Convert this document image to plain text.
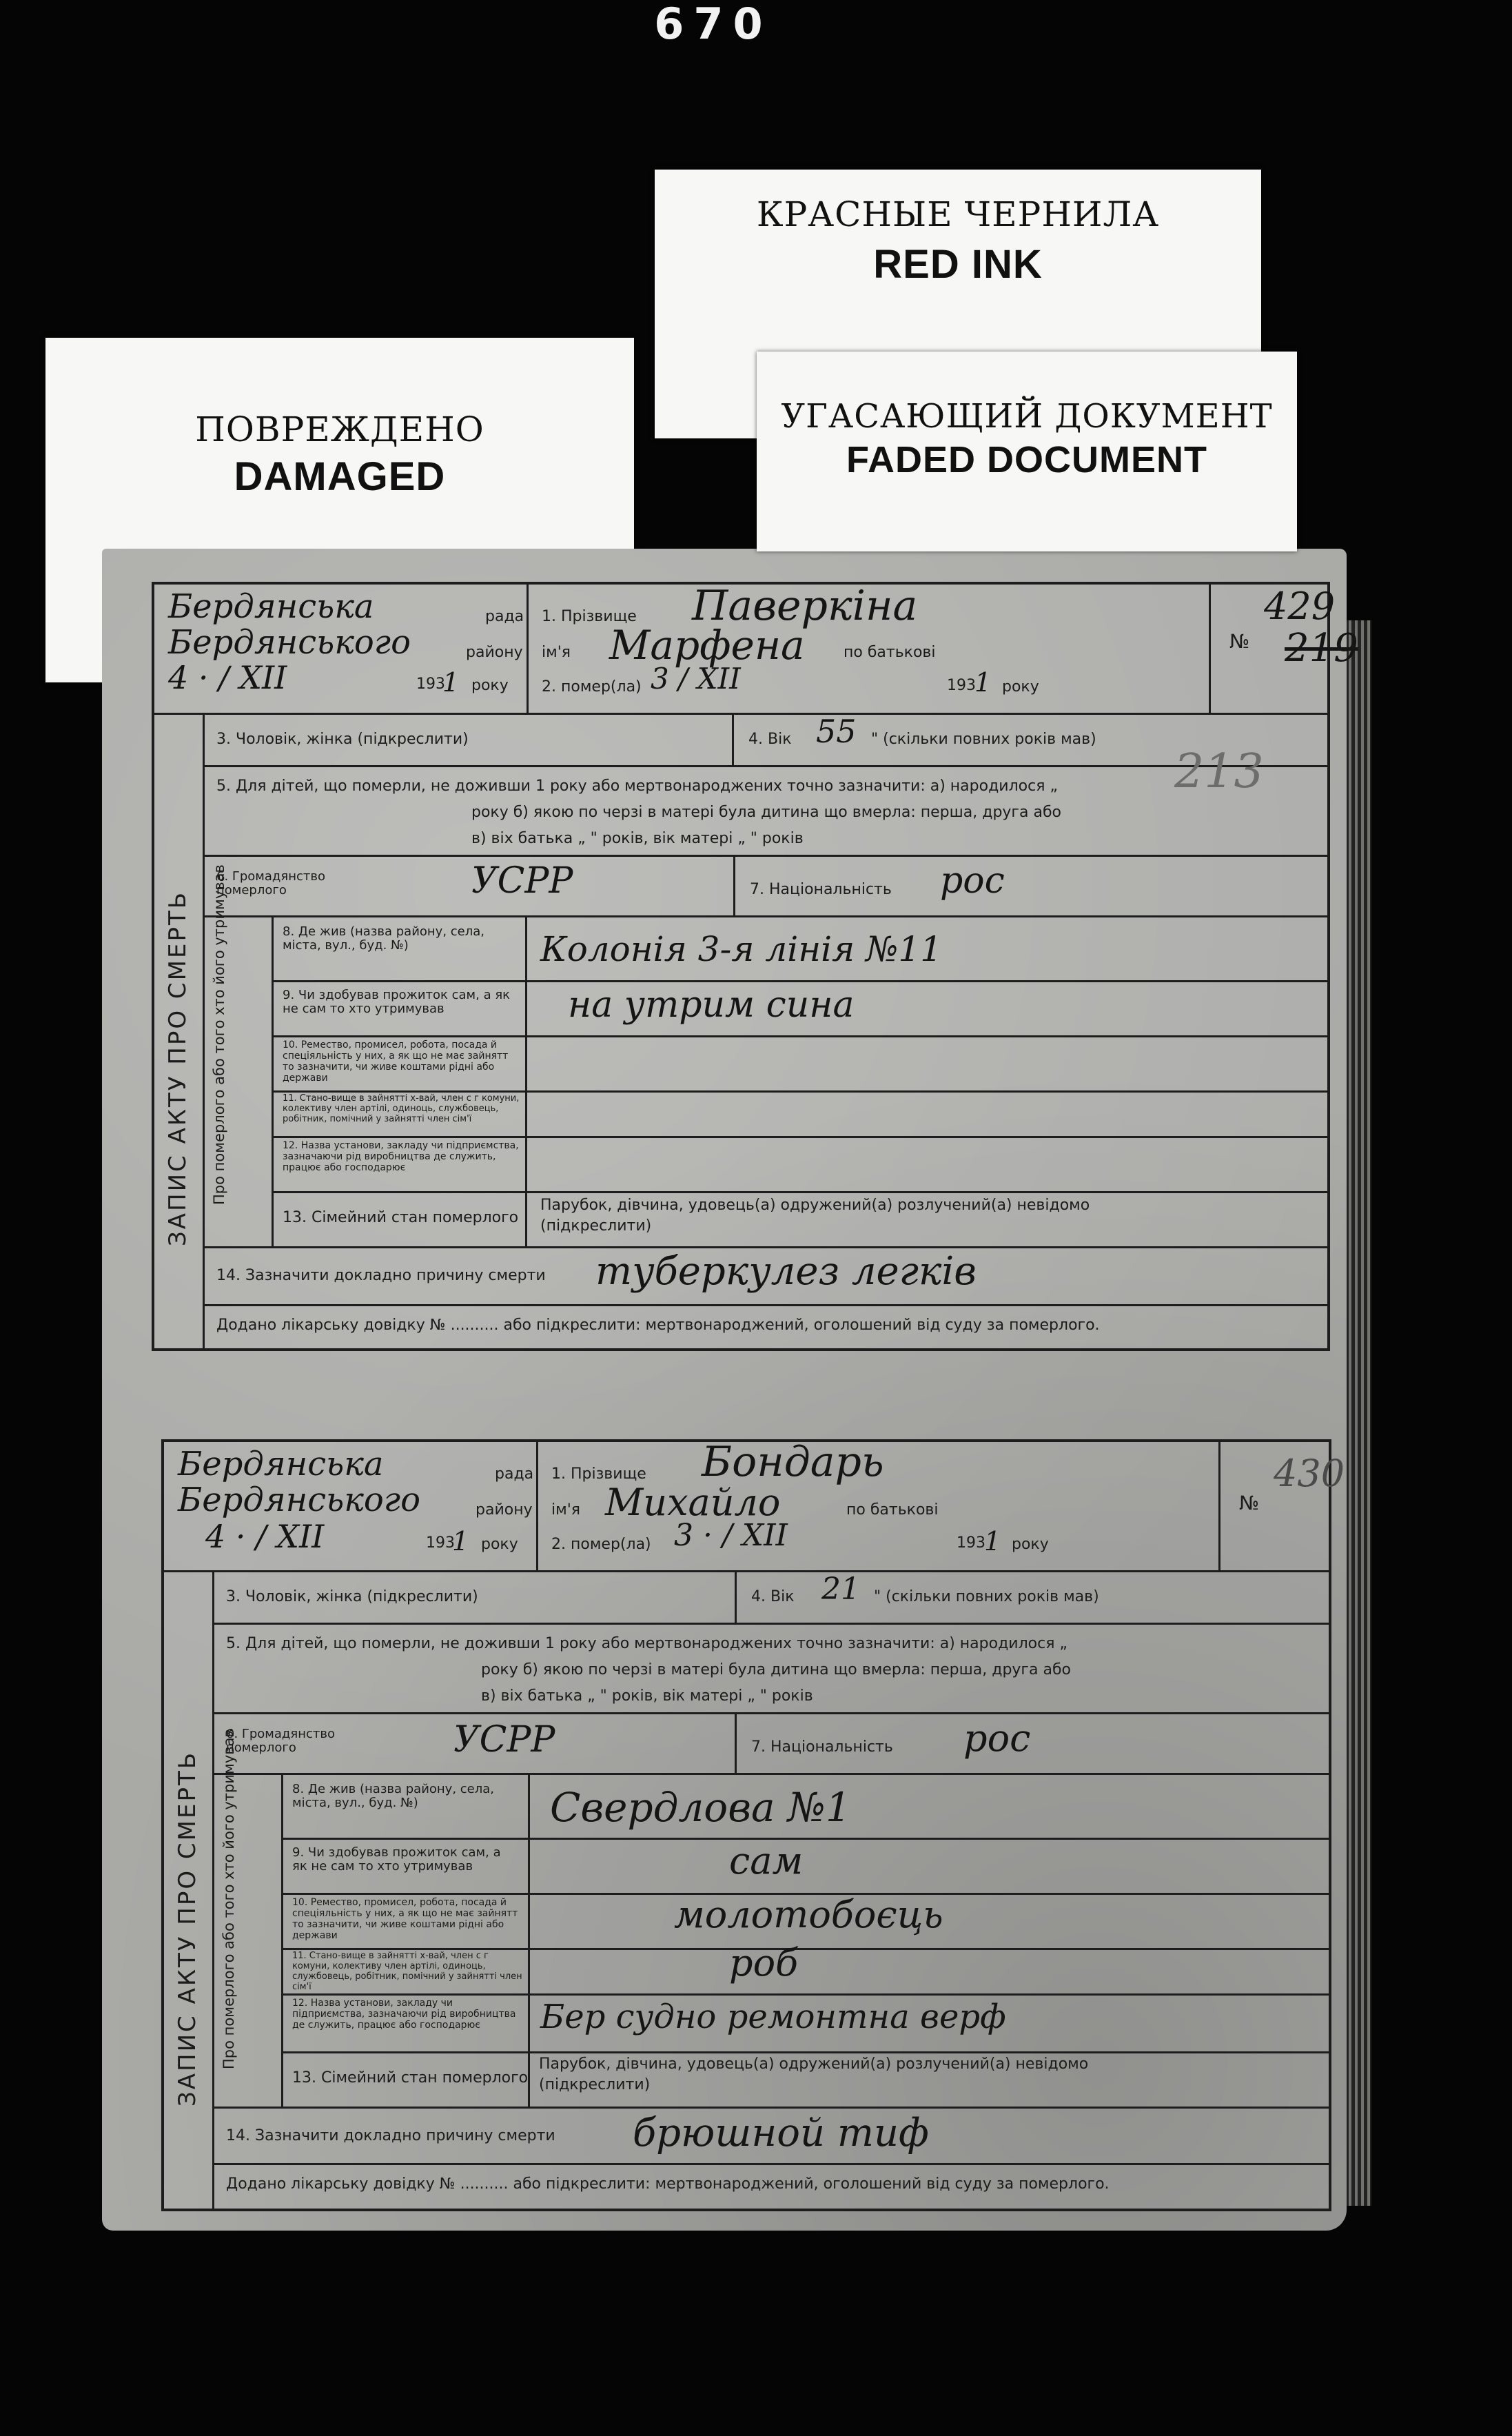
670
КРАСНЫЕ ЧЕРНИЛА
RED INK
ПОВРЕЖДЕНО
DAMAGED
Бердянська	рада
Бердянського	району
4 · / XII	193
1 року
1. Прізвище Паверкіна
ім'я Марфена	по батькові
2. помер(ла) 3 / XII	193
1 року
№
429
219
3. Чоловік, жінка (підкреслити)	4. Вік 55 " (скільки повних років мав)
5. Для дітей, що померли, не доживши 1 року або мертвонароджених точно зазначити: а) народилося „
року б) якою по черзі в матері була дитина що вмерла: перша, друга або
в) віх батька „ " років, вік матері „ " років
213
6. Громадянство померлого	УСРР	7. Національність рос
8. Де жив (назва району, села, міста, вул., буд. №)	Колонія 3-я лінія №11
9. Чи здобував прожиток сам, а як не сам то хто утримував	на утрим сина
10. Ремество, промисел, робота, посада й спеціяльність у них, а як що не має зайнятт то зазначити, чи живе коштами рідні або держави
11. Стано-вище в зайнятті х-вай, член с г комуни, колективу член артілі, одиноць, службовець, робітник, помічний у зайнятті член сім'ї
12. Назва установи, закладу чи підприємства, зазначаючи рід виробництва де служить, працює або господарює
13. Сімейний стан померлого
Парубок, дівчина, удовець(а) одружений(а) розлучений(а) невідомо (підкреслити)
14. Зазначити докладно причину смерти туберкулез легкiв
Додано лікарську довідку № .......... або підкреслити: мертвонароджений, оголошений від суду за померлого.
ЗАПИС АКТУ ПРО СМЕРТЬ Про померлого або того хто його утримував
Бердянська	рада
Бердянського	району
4 · / XII	193
1 року
1. Прізвище Бондарь
ім'я Михайло	по батькові
2. помер(ла) 3 · / XII	193
1 року
№
430
3. Чоловік, жінка (підкреслити)	4. Вік 21 " (скільки повних років мав)
5. Для дітей, що померли, не доживши 1 року або мертвонароджених точно зазначити: а) народилося „
року б) якою по черзі в матері була дитина що вмерла: перша, друга або
в) віх батька „ " років, вік матері „ " років
6. Громадянство померлого	УСРР	7. Національність рос
8. Де жив (назва району, села, міста, вул., буд. №)	Свердлова №1
9. Чи здобував прожиток сам, а як не сам то хто утримував	сам
10. Ремество, промисел, робота, посада й спеціяльність у них, а як що не має зайнятт то зазначити, чи живе коштами рідні або держави	молотобоєць
11. Стано-вище в зайнятті х-вай, член с г комуни, колективу член артілі, одиноць, службовець, робітник, помічний у зайнятті член сім'ї
роб
12. Назва установи, закладу чи підприємства, зазначаючи рід виробництва де служить, працює або господарює	Бер судно ремонтна верф
13. Сімейний стан померлого
Парубок, дівчина, удовець(а) одружений(а) розлучений(а) невідомо (підкреслити)
14. Зазначити докладно причину смерти брюшной тиф
Додано лікарську довідку № .......... або підкреслити: мертвонароджений, оголошений від суду за померлого.
ЗАПИС АКТУ ПРО СМЕРТЬ Про померлого або того хто його утримував
УГАСАЮЩИЙ ДОКУМЕНТ
FADED DOCUMENT
